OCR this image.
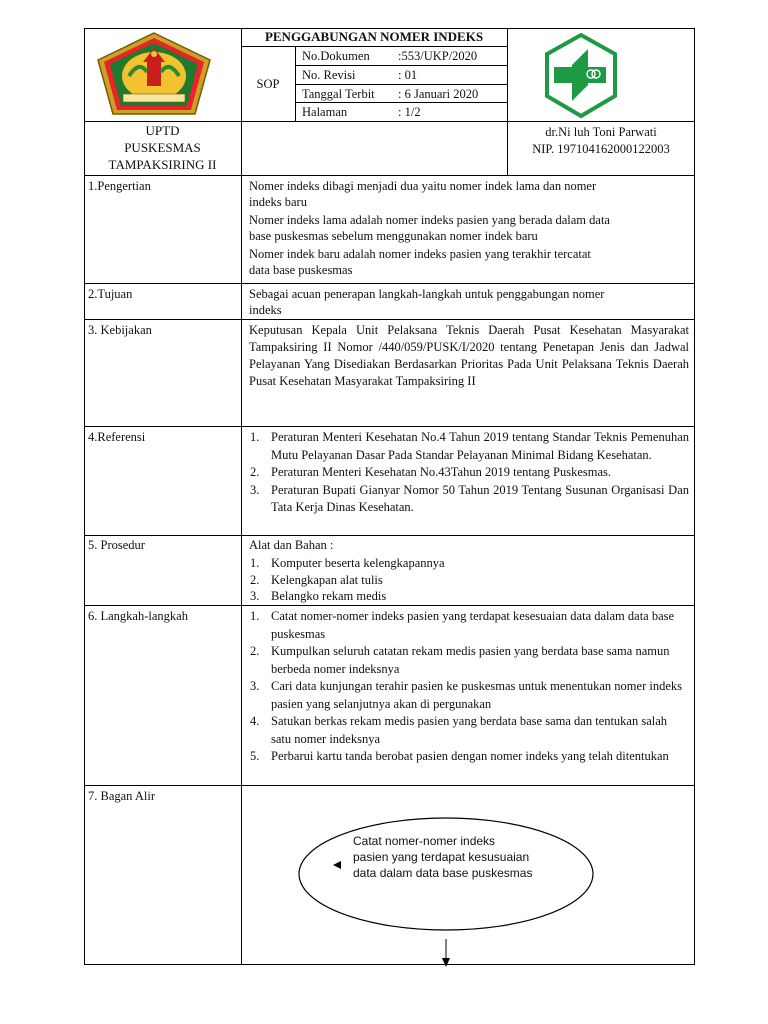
PENGGABUNGAN NOMER INDEKS
SOP
No.Dokumen :553/UKP/2020
No. Revisi	: 01
Tanggal Terbit : 6 Januari 2020
Halaman	: 1/2
UPTD
PUSKESMAS
TAMPAKSIRING II
dr.Ni luh Toni Parwati
NIP. 197104162000122003
1.Pengertian	Nomer indeks dibagi menjadi dua yaitu nomer indek lama dan nomer
indeks baru
Nomer indeks lama adalah nomer indeks pasien yang berada dalam data
base puskesmas sebelum menggunakan nomer indek baru
Nomer indek baru adalah nomer indeks pasien yang terakhir tercatat
data base puskesmas
2.Tujuan	Sebagai acuan penerapan langkah-langkah untuk penggabungan nomer
indeks
3. Kebijakan	Keputusan Kepala Unit Pelaksana Teknis Daerah Pusat Kesehatan Masyarakat Tampaksiring II Nomor /440/059/PUSK/I/2020 tentang Penetapan Jenis dan Jadwal Pelayanan Yang Disediakan Berdasarkan Prioritas Pada Unit Pelaksana Teknis Daerah Pusat Kesehatan Masyarakat Tampaksiring II
4.Referensi	1. Peraturan Menteri Kesehatan No.4 Tahun 2019 tentang Standar Teknis Pemenuhan Mutu Pelayanan Dasar Pada Standar Pelayanan Minimal Bidang Kesehatan.
2. Peraturan Menteri Kesehatan No.43Tahun 2019 tentang Puskesmas.
3. Peraturan Bupati Gianyar Nomor 50 Tahun 2019 Tentang Susunan Organisasi Dan Tata Kerja Dinas Kesehatan.
5. Prosedur	Alat dan Bahan :
1. Komputer beserta kelengkapannya
2. Kelengkapan alat tulis
3. Belangko rekam medis
6. Langkah-langkah	1. Catat nomer-nomer indeks pasien yang terdapat kesesuaian data dalam data base puskesmas
2. Kumpulkan seluruh catatan rekam medis pasien yang berdata base sama namun berbeda nomer indeksnya
3. Cari data kunjungan terahir pasien ke puskesmas untuk menentukan nomer indeks pasien yang selanjutnya akan di pergunakan
4. Satukan berkas rekam medis pasien yang berdata base sama dan tentukan salah satu nomer indeksnya
5. Perbarui kartu tanda berobat pasien dengan nomer indeks yang telah ditentukan
7. Bagan Alir
Catat nomer-nomer indeks
pasien yang terdapat kesusuaian
data dalam data base puskesmas
